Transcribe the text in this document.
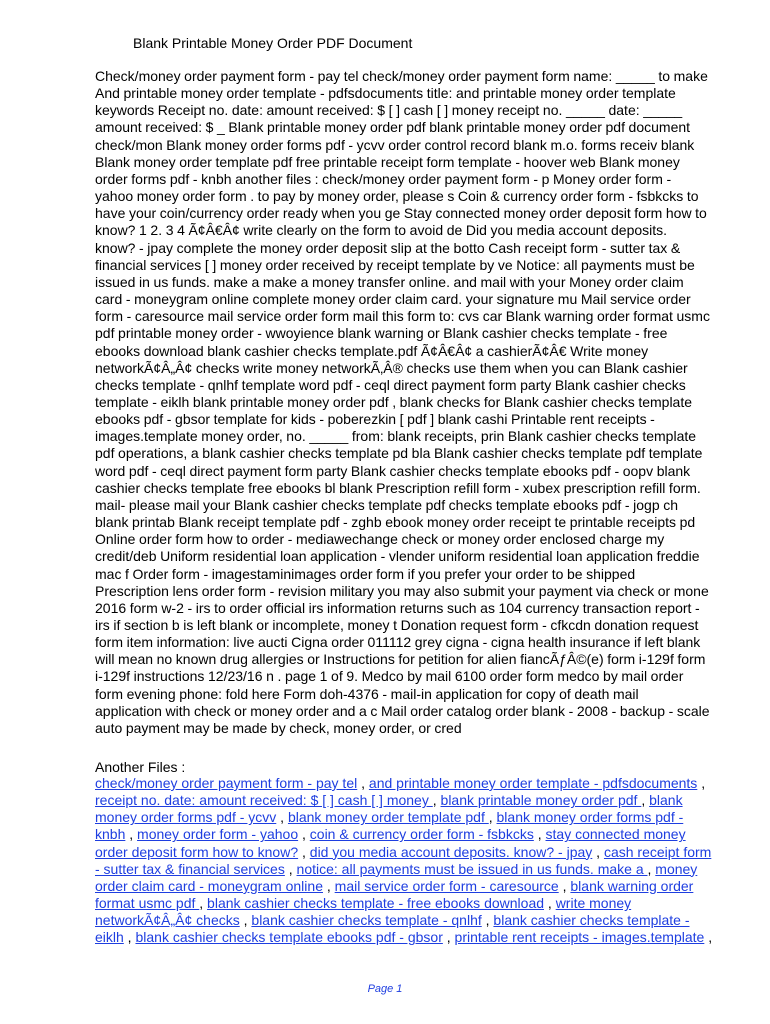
Blank Printable Money Order PDF Document
Check/money order payment form - pay tel check/money order payment form name: _____ to make
And printable money order template - pdfsdocuments title: and printable money order template
keywords Receipt no. date: amount received: $ [ ] cash [ ] money receipt no. _____ date: _____
amount received: $ _ Blank printable money order pdf blank printable money order pdf document
check/mon Blank money order forms pdf - ycvv order control record blank m.o. forms receiv blank
Blank money order template pdf free printable receipt form template - hoover web Blank money
order forms pdf - knbh another files : check/money order payment form - p Money order form -
yahoo money order form . to pay by money order, please s Coin & currency order form - fsbkcks to
have your coin/currency order ready when you ge Stay connected money order deposit form how to
know? 1 2. 3 4 Ã¢Â€Â¢ write clearly on the form to avoid de Did you media account deposits.
know? - jpay complete the money order deposit slip at the botto Cash receipt form - sutter tax &
financial services [ ] money order received by receipt template by ve Notice: all payments must be
issued in us funds. make a make a money transfer online. and mail with your Money order claim
card - moneygram online complete money order claim card. your signature mu Mail service order
form - caresource mail service order form mail this form to: cvs car Blank warning order format usmc
pdf printable money order - wwoyience blank warning or Blank cashier checks template - free
ebooks download blank cashier checks template.pdf Ã¢Â€Â¢ a cashierÃ¢Â€ Write money
networkÃ¢Â„Â¢ checks write money networkÃ‚Â® checks use them when you can Blank cashier
checks template - qnlhf template word pdf - ceql direct payment form party Blank cashier checks
template - eiklh blank printable money order pdf , blank checks for Blank cashier checks template
ebooks pdf - gbsor template for kids - poberezkin [ pdf ] blank cashi Printable rent receipts -
images.template money order, no. _____ from: blank receipts, prin Blank cashier checks template
pdf operations, a blank cashier checks template pd bla Blank cashier checks template pdf template
word pdf - ceql direct payment form party Blank cashier checks template ebooks pdf - oopv blank
cashier checks template free ebooks bl blank Prescription refill form - xubex prescription refill form.
mail- please mail your Blank cashier checks template pdf checks template ebooks pdf - jogp ch
blank printab Blank receipt template pdf - zghb ebook money order receipt te printable receipts pd
Online order form how to order - mediawechange check or money order enclosed charge my
credit/deb Uniform residential loan application - vlender uniform residential loan application freddie
mac f Order form - imagestaminimages order form if you prefer your order to be shipped
Prescription lens order form - revision military you may also submit your payment via check or mone
2016 form w-2 - irs to order official irs information returns such as 104 currency transaction report -
irs if section b is left blank or incomplete, money t Donation request form - cfkcdn donation request
form item information: live aucti Cigna order 011112 grey cigna - cigna health insurance if left blank
will mean no known drug allergies or Instructions for petition for alien fiancÃƒÂ©(e) form i-129f form
i-129f instructions 12/23/16 n . page 1 of 9. Medco by mail 6100 order form medco by mail order
form evening phone: fold here Form doh-4376 - mail-in application for copy of death mail
application with check or money order and a c Mail order catalog order blank - 2008 - backup - scale
auto payment may be made by check, money order, or cred
Another Files :
check/money order payment form - pay tel , and printable money order template - pdfsdocuments ,
receipt no. date: amount received: $ [ ] cash [ ] money , blank printable money order pdf , blank
money order forms pdf - ycvv , blank money order template pdf , blank money order forms pdf -
knbh , money order form - yahoo , coin & currency order form - fsbkcks , stay connected money
order deposit form how to know? , did you media account deposits. know? - jpay , cash receipt form
- sutter tax & financial services , notice: all payments must be issued in us funds. make a , money
order claim card - moneygram online , mail service order form - caresource , blank warning order
format usmc pdf , blank cashier checks template - free ebooks download , write money
networkÃ¢Â„Â¢ checks , blank cashier checks template - qnlhf , blank cashier checks template -
eiklh , blank cashier checks template ebooks pdf - gbsor , printable rent receipts - images.template ,
Page 1
